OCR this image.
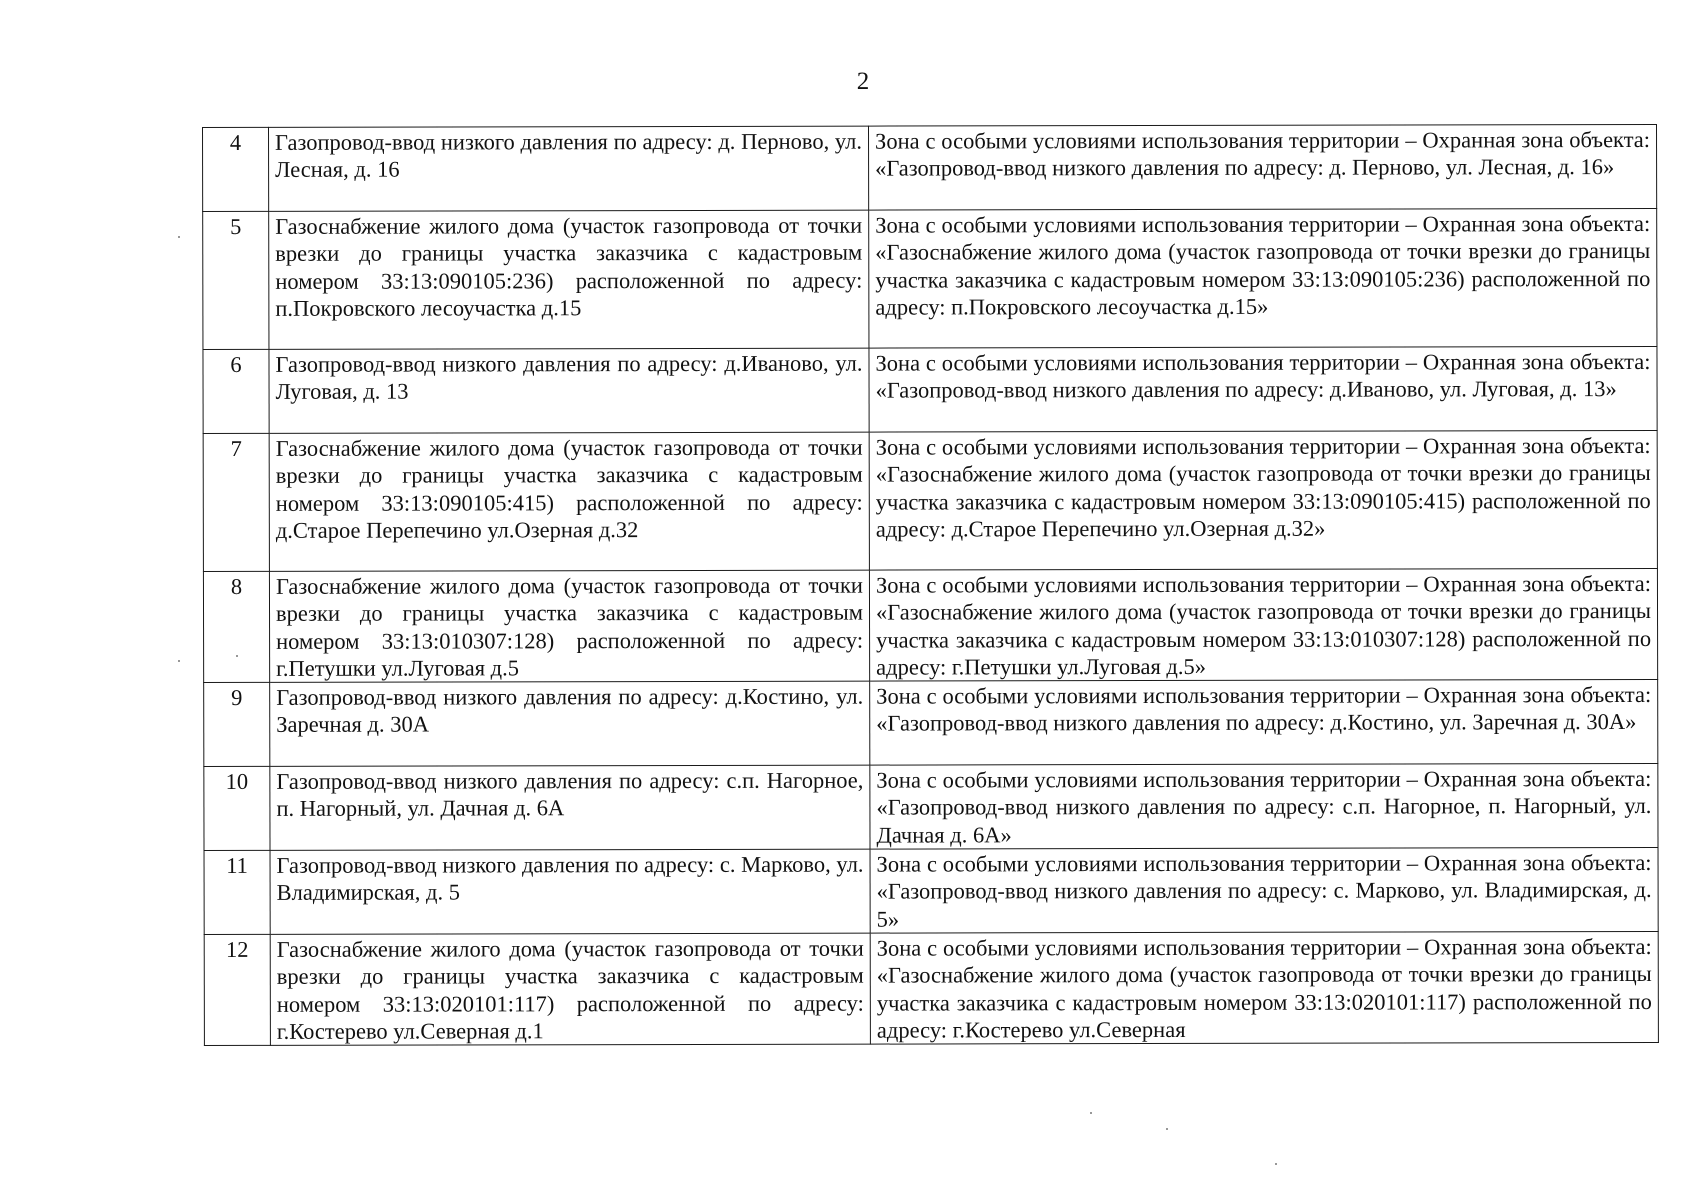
2
4	Газопровод-ввод низкого давления по адресу: д. Перново, ул. Лесная, д. 16	Зона с особыми условиями использования территории – Охранная зона объекта: «Газопровод-ввод низкого давления по адресу: д. Перново, ул. Лесная, д. 16»
5	Газоснабжение жилого дома (участок газопровода от точки врезки до границы участка заказчика с кадастровым номером 33:13:090105:236) расположенной по адресу: п.Покровского лесоучастка д.15	Зона с особыми условиями использования территории – Охранная зона объекта: «Газоснабжение жилого дома (участок газопровода от точки врезки до границы участка заказчика с кадастровым номером 33:13:090105:236) расположенной по адресу: п.Покровского лесоучастка д.15»
6	Газопровод-ввод низкого давления по адресу: д.Иваново, ул. Луговая, д. 13	Зона с особыми условиями использования территории – Охранная зона объекта: «Газопровод-ввод низкого давления по адресу: д.Иваново, ул. Луговая, д. 13»
7	Газоснабжение жилого дома (участок газопровода от точки врезки до границы участка заказчика с кадастровым номером 33:13:090105:415) расположенной по адресу: д.Старое Перепечино ул.Озерная д.32	Зона с особыми условиями использования территории – Охранная зона объекта: «Газоснабжение жилого дома (участок газопровода от точки врезки до границы участка заказчика с кадастровым номером 33:13:090105:415) расположенной по адресу: д.Старое Перепечино ул.Озерная д.32»
8	Газоснабжение жилого дома (участок газопровода от точки врезки до границы участка заказчика с кадастровым номером 33:13:010307:128) расположенной по адресу: г.Петушки ул.Луговая д.5	Зона с особыми условиями использования территории – Охранная зона объекта: «Газоснабжение жилого дома (участок газопровода от точки врезки до границы участка заказчика с кадастровым номером 33:13:010307:128) расположенной по адресу: г.Петушки ул.Луговая д.5»
9	Газопровод-ввод низкого давления по адресу: д.Костино, ул. Заречная д. 30А	Зона с особыми условиями использования территории – Охранная зона объекта: «Газопровод-ввод низкого давления по адресу: д.Костино, ул. Заречная д. 30А»
10	Газопровод-ввод низкого давления по адресу: с.п. Нагорное, п. Нагорный, ул. Дачная д. 6А	Зона с особыми условиями использования территории – Охранная зона объекта: «Газопровод-ввод низкого давления по адресу: с.п. Нагорное, п. Нагорный, ул. Дачная д. 6А»
11	Газопровод-ввод низкого давления по адресу: с. Марково, ул. Владимирская, д. 5	Зона с особыми условиями использования территории – Охранная зона объекта: «Газопровод-ввод низкого давления по адресу: с. Марково, ул. Владимирская, д. 5»
12	Газоснабжение жилого дома (участок газопровода от точки врезки до границы участка заказчика с кадастровым номером 33:13:020101:117) расположенной по адресу: г.Костерево ул.Северная д.1	Зона с особыми условиями использования территории – Охранная зона объекта: «Газоснабжение жилого дома (участок газопровода от точки врезки до границы участка заказчика с кадастровым номером 33:13:020101:117) расположенной по адресу: г.Костерево ул.Северная
